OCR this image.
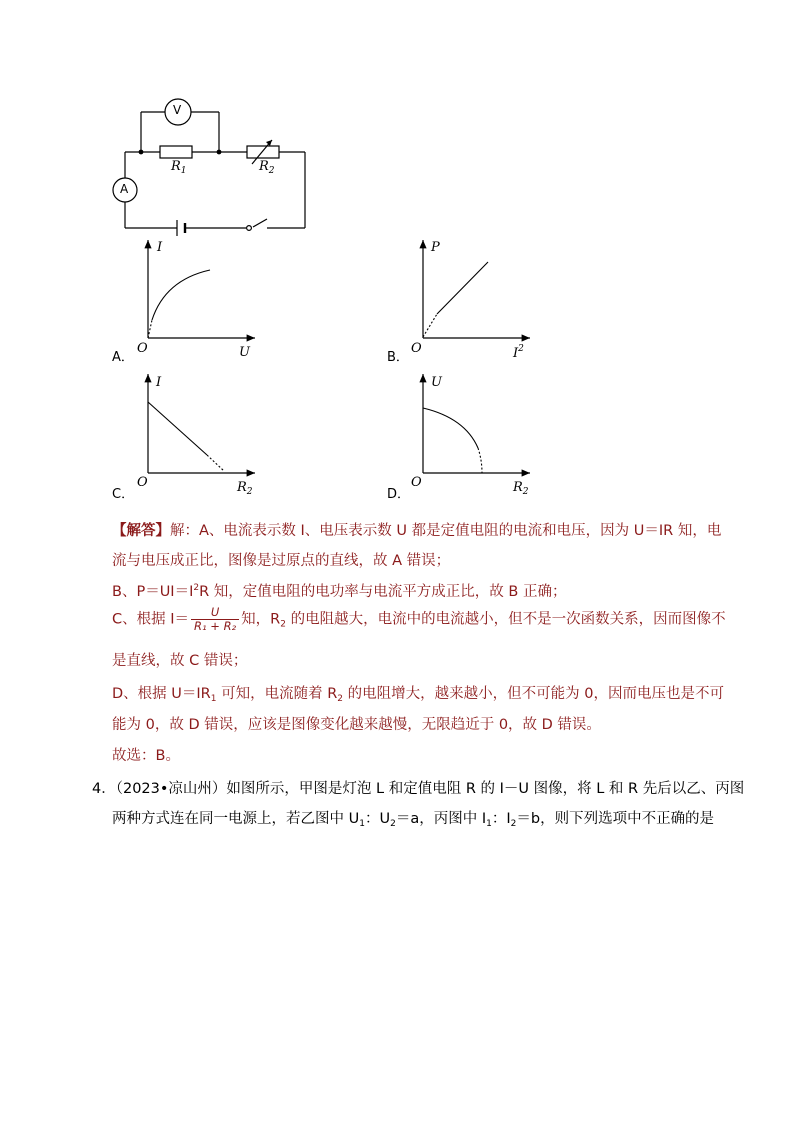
V
A
$R_1$	$R_2$
A．
O
I
U	B．
O
P
$I^2$
C．
O
I
$R_2$	D．
O
U
$R_2$
【解答】解：A、电流表示数 I、电压表示数 U 都是定值电阻的电流和电压，因为 U＝IR 知，电
流与电压成正比，图像是过原点的直线，故 A 错误；
B、$P=UI=I^2R$ 知，定值电阻的电功率与电流平方成正比，故 B 正确；
C、根据 $I= \frac{U}{\text{R₁ + R₂}}$ 知，$R_2$ 的电阻越大，电流中的电流越小，但不是一次函数关系，因而图像不
是直线，故 C 错误；
D、根据 $U=IR_1$ 可知，电流随着 $R_2$ 的电阻增大，越来越小，但不可能为 0，因而电压也是不可
能为 0，故 D 错误，应该是图像变化越来越慢，无限趋近于 0，故 D 错误。
故选：B。
4．（2023•凉山州）如图所示，甲图是灯泡 L 和定值电阻 R 的 I－U 图像，将 L 和 R 先后以乙、丙图
两种方式连在同一电源上，若乙图中 $U_1$：$U_2=a$，丙图中 $I_1$：$I_2=b$，则下列选项中不正确的是
